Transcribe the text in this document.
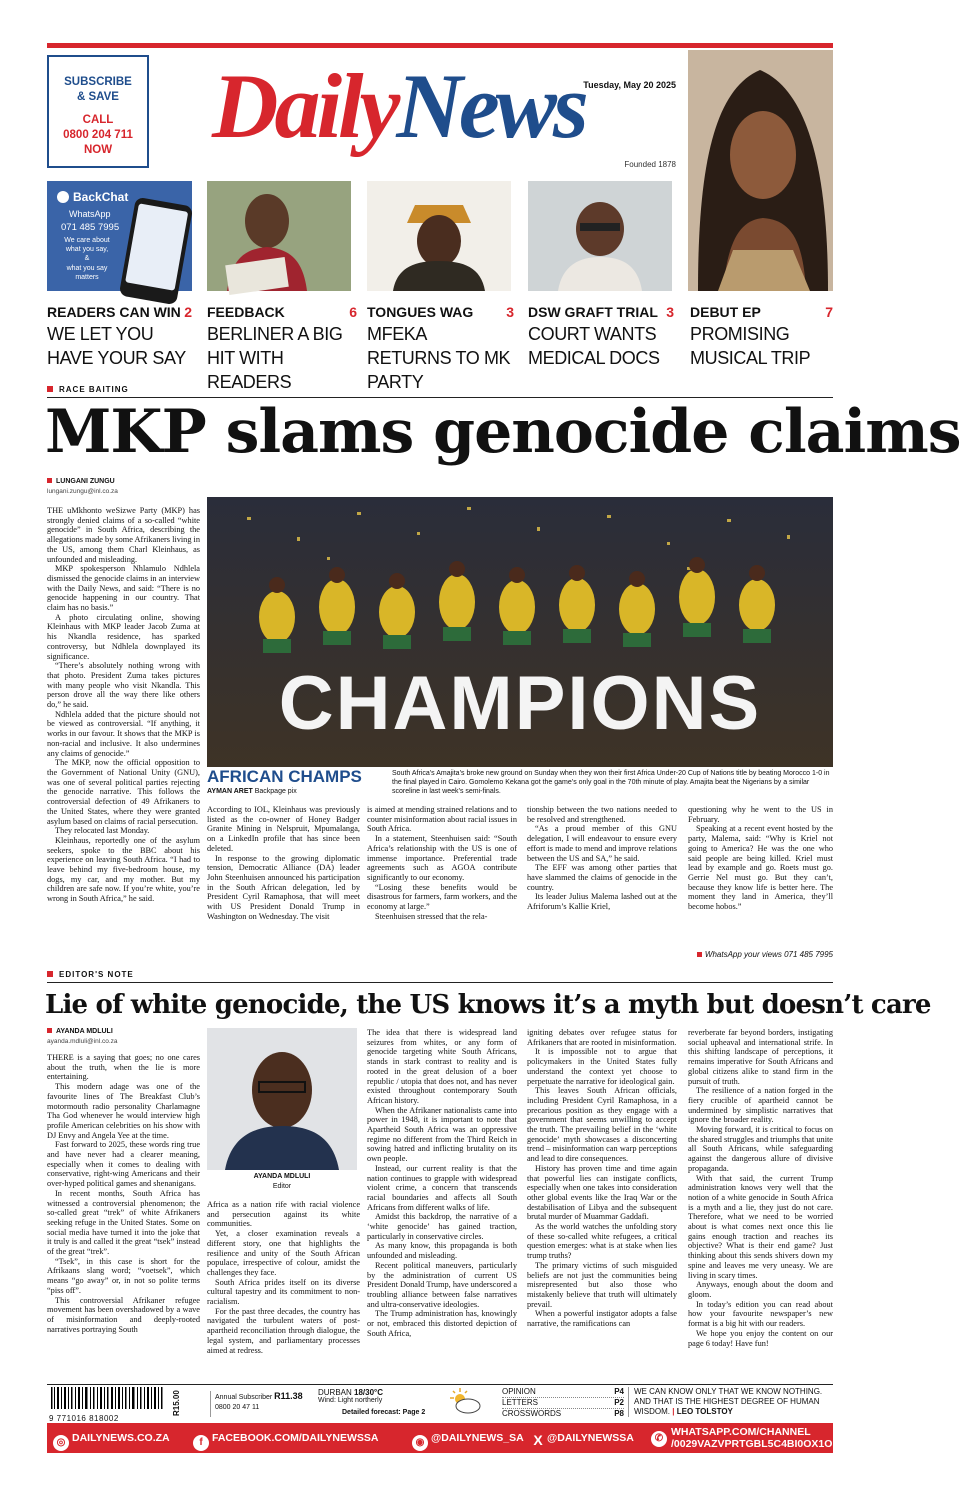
SUBSCRIBE & SAVE
CALL
0800 204 711
NOW	DailyNews
Tuesday, May 20 2025
Founded 1878
BackChat
WhatsApp
071 485 7995
We care about what you say,
&
what you say matters
READERS CAN WIN 2
WE LET YOU HAVE YOUR SAY
FEEDBACK	6
BERLINER A BIG HIT WITH READERS
TONGUES WAG 3
MFEKA RETURNS TO MK PARTY
DSW GRAFT TRIAL 3
COURT WANTS MEDICAL DOCS
DEBUT EP	7
PROMISING MUSICAL TRIP
RACE BAITING
MKP slams genocide claims
LUNGANI ZUNGU
lungani.zungu@inl.co.za

THE uMkhonto weSizwe Party (MKP) has strongly denied claims of a so-called “white genocide” in South Africa, describing the allegations made by some Afrikaners living in the US, among them Charl Kleinhaus, as unfounded and misleading.

MKP spokesperson Nhlamulo Ndhlela dismissed the genocide claims in an interview with the Daily News, and said: “There is no genocide happening in our country. That claim has no basis.”

A photo circulating online, showing Kleinhaus with MKP leader Jacob Zuma at his Nkandla residence, has sparked controversy, but Ndhlela downplayed its significance.

“There’s absolutely nothing wrong with that photo. President Zuma takes pictures with many people who visit Nkandla. This person drove all the way there like others do,” he said.

Ndhlela added that the picture should not be viewed as controversial. “If anything, it works in our favour. It shows that the MKP is non-racial and inclusive. It also undermines any claims of genocide.”

The MKP, now the official opposition to the Government of National Unity (GNU), was one of several political parties rejecting the genocide narrative. This follows the controversial defection of 49 Afrikaners to the United States, where they were granted asylum based on claims of racial persecution.

They relocated last Monday.

Kleinhaus, reportedly one of the asylum seekers, spoke to the BBC about his experience on leaving South Africa. “I had to leave behind my five-bedroom house, my dogs, my car, and my mother. But my children are safe now. If you’re white, you’re wrong in South Africa,” he said.

CHAMPIONS
AFRICAN CHAMPS	South Africa’s Amajita’s broke new ground on Sunday when they won their first Africa Under-20 Cup of Nations title by beating Morocco 1-0 in the final played in Cairo. Gomolemo Kekana got the game’s only goal in the 70th minute of play. Amajita beat the Nigerians by a similar scoreline in last week’s semi-finals.
AYMAN ARET Backpage pix

According to IOL, Kleinhaus was previously listed as the co-owner of Honey Badger Granite Mining in Nelspruit, Mpumalanga, on a LinkedIn profile that has since been deleted.

In response to the growing diplomatic tension, Democratic Alliance (DA) leader John Steenhuisen announced his participation in the South African delegation, led by President Cyril Ramaphosa, that will meet with US President Donald Trump in Washington on Wednesday. The visit

is aimed at mending strained relations and to counter misinformation about racial issues in South Africa.

In a statement, Steenhuisen said: “South Africa’s relationship with the US is one of immense importance. Preferential trade agreements such as AGOA contribute significantly to our economy.

“Losing these benefits would be disastrous for farmers, farm workers, and the economy at large.”

Steenhuisen stressed that the rela-

tionship between the two nations needed to be resolved and strengthened.

“As a proud member of this GNU delegation, I will endeavour to ensure every effort is made to mend and improve relations between the US and SA,” he said.

The EFF was among other parties that have slammed the claims of genocide in the country.

Its leader Julius Malema lashed out at the Afriforum’s Kallie Kriel,

questioning why he went to the US in February.

Speaking at a recent event hosted by the party, Malema, said: “Why is Kriel not going to America? He was the one who said people are being killed. Kriel must lead by example and go. Roets must go. Gerrie Nel must go. But they can’t, because they know life is better here. The moment they land in America, they’ll become hobos.”

WhatsApp your views 071 485 7995
EDITOR'S NOTE
Lie of white genocide, the US knows it’s a myth but doesn’t care
AYANDA MDLULI
ayanda.mdluli@inl.co.za

THERE is a saying that goes; no one cares about the truth, when the lie is more entertaining.

This modern adage was one of the favourite lines of The Breakfast Club’s motormouth radio personality Charlamagne Tha God whenever he would interview high profile American celebrities on his show with DJ Envy and Angela Yee at the time.

Fast forward to 2025, these words ring true and have never had a clearer meaning, especially when it comes to dealing with conservative, right-wing Americans and their over-hyped political games and shenanigans.

In recent months, South Africa has witnessed a controversial phenomenon; the so-called great “trek” of white Afrikaners seeking refuge in the United States. Some on social media have turned it into the joke that it truly is and called it the great “tsek” instead of the great “trek”.

“Tsek”, in this case is short for the Afrikaans slang word; “voetsek”, which means “go away” or, in not so polite terms “piss off”.

This controversial Afrikaner refugee movement has been overshadowed by a wave of misinformation and deeply-rooted narratives portraying South

AYANDA MDLULI
Editor

Africa as a nation rife with racial violence and persecution against its white communities.

Yet, a closer examination reveals a different story, one that highlights the resilience and unity of the South African populace, irrespective of colour, amidst the challenges they face.

South Africa prides itself on its diverse cultural tapestry and its commitment to non-racialism.

For the past three decades, the country has navigated the turbulent waters of post-apartheid reconciliation through dialogue, the legal system, and parliamentary processes aimed at redress.

The idea that there is widespread land seizures from whites, or any form of genocide targeting white South Africans, stands in stark contrast to reality and is rooted in the great delusion of a boer republic / utopia that does not, and has never existed throughout contemporary South African history.

When the Afrikaner nationalists came into power in 1948, it is important to note that Apartheid South Africa was an oppressive regime no different from the Third Reich in sowing hatred and inflicting brutality on its own people.

Instead, our current reality is that the nation continues to grapple with widespread violent crime, a concern that transcends racial boundaries and affects all South Africans from different walks of life.

Amidst this backdrop, the narrative of a ‘white genocide’ has gained traction, particularly in conservative circles.

As many know, this propaganda is both unfounded and misleading.

Recent political maneuvers, particularly by the administration of current US President Donald Trump, have underscored a troubling alliance between false narratives and ultra-conservative ideologies.

The Trump administration has, knowingly or not, embraced this distorted depiction of South Africa,

igniting debates over refugee status for Afrikaners that are rooted in misinformation.

It is impossible not to argue that policymakers in the United States fully understand the context yet choose to perpetuate the narrative for ideological gain.

This leaves South African officials, including President Cyril Ramaphosa, in a precarious position as they engage with a government that seems unwilling to accept the truth. The prevailing belief in the ‘white genocide’ myth showcases a disconcerting trend – misinformation can warp perceptions and lead to dire consequences.

History has proven time and time again that powerful lies can instigate conflicts, especially when one takes into consideration other global events like the Iraq War or the destabilisation of Libya and the subsequent brutal murder of Muammar Gaddafi.

As the world watches the unfolding story of these so-called white refugees, a critical question emerges: what is at stake when lies trump truths?

The primary victims of such misguided beliefs are not just the communities being misrepresented but also those who mistakenly believe that truth will ultimately prevail.

When a powerful instigator adopts a false narrative, the ramifications can

reverberate far beyond borders, instigating social upheaval and international strife. In this shifting landscape of perceptions, it remains imperative for South Africans and global citizens alike to stand firm in the pursuit of truth.

The resilience of a nation forged in the fiery crucible of apartheid cannot be undermined by simplistic narratives that ignore the broader reality.

Moving forward, it is critical to focus on the shared struggles and triumphs that unite all South Africans, while safeguarding against the dangerous allure of divisive propaganda.

With that said, the current Trump administration knows very well that the notion of a white genocide in South Africa is a myth and a lie, they just do not care. Therefore, what we need to be worried about is what comes next once this lie gains enough traction and reaches its objective? What is their end game? Just thinking about this sends shivers down my spine and leaves me very uneasy. We are living in scary times.

Anyways, enough about the doom and gloom.

In today’s edition you can read about how your favourite newspaper’s new format is a big hit with our readers.

We hope you enjoy the content on our page 6 today! Have fun!

9 771016 818002
R15.00	Annual Subscriber R11.38
0800 20 47 11
DURBAN 18/30°C
Wind: Light northerly
Detailed forecast: Page 2
OPINION	P4
LETTERS	P2
CROSSWORDS	P8
WE CAN KNOW ONLY THAT WE KNOW NOTHING. AND THAT IS THE HIGHEST DEGREE OF HUMAN WISDOM. | LEO TOLSTOY
◎ DAILYNEWS.CO.ZA	f FACEBOOK.COM/DAILYNEWSSA	◉ @DAILYNEWS_SA X @DAILYNEWSSA	✆
WHATSAPP.COM/CHANNEL
/0029VAZVPRTGBL5C4BI0OX1O
